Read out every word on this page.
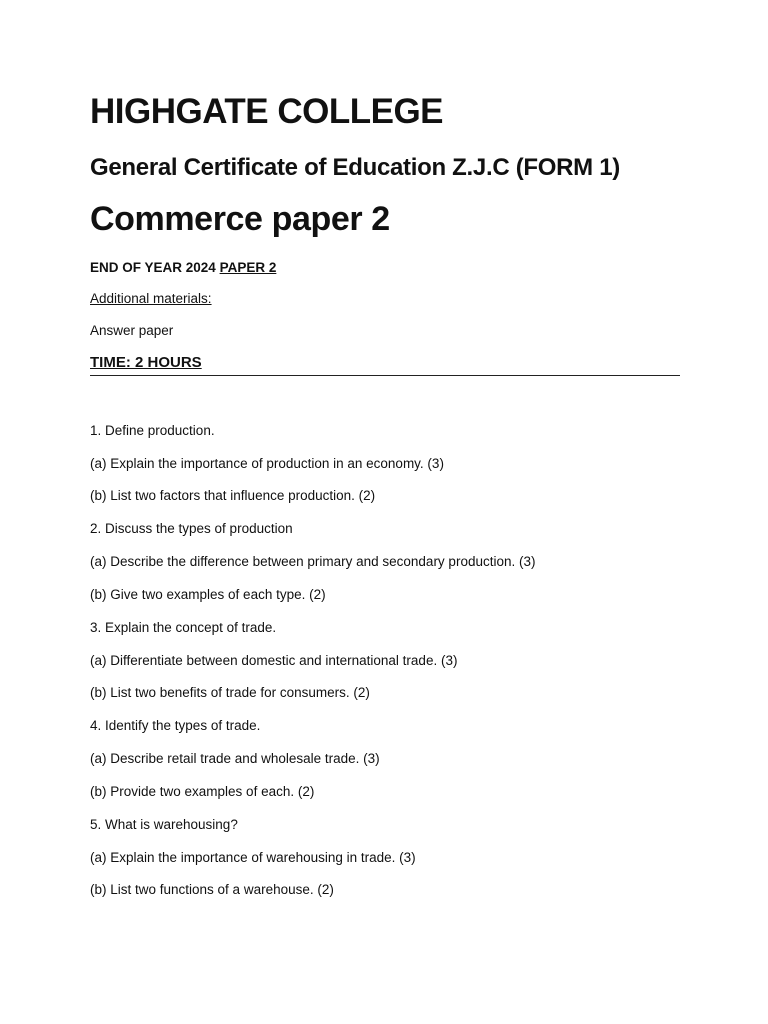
HIGHGATE COLLEGE
General Certificate of Education Z.J.C (FORM 1)
Commerce paper 2

END OF YEAR 2024 PAPER 2

Additional materials:

Answer paper

TIME: 2 HOURS

1. Define production.

(a) Explain the importance of production in an economy. (3)

(b) List two factors that influence production. (2)

2. Discuss the types of production

(a) Describe the difference between primary and secondary production. (3)

(b) Give two examples of each type. (2)

3. Explain the concept of trade.

(a) Differentiate between domestic and international trade. (3)

(b) List two benefits of trade for consumers. (2)

4. Identify the types of trade.

(a) Describe retail trade and wholesale trade. (3)

(b) Provide two examples of each. (2)

5. What is warehousing?

(a) Explain the importance of warehousing in trade. (3)

(b) List two functions of a warehouse. (2)
